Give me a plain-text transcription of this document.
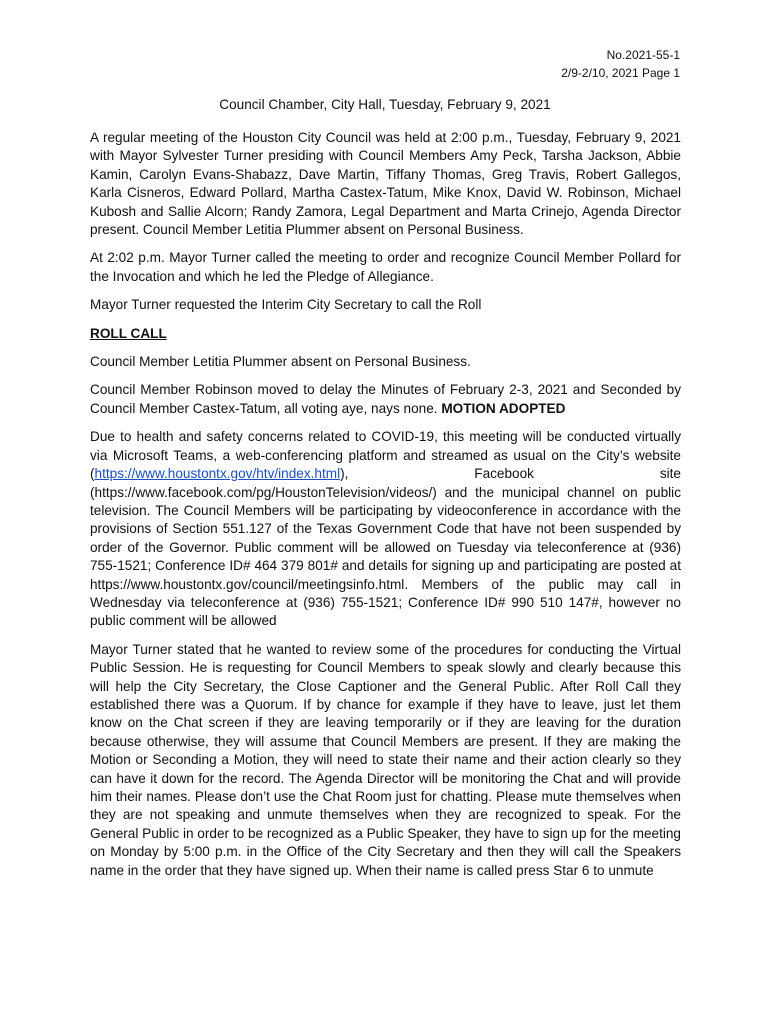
No.2021-55-1
2/9-2/10, 2021 Page 1
Council Chamber, City Hall, Tuesday, February 9, 2021

A regular meeting of the Houston City Council was held at 2:00 p.m., Tuesday, February 9, 2021 with Mayor Sylvester Turner presiding with Council Members Amy Peck, Tarsha Jackson, Abbie Kamin, Carolyn Evans-Shabazz, Dave Martin, Tiffany Thomas, Greg Travis, Robert Gallegos, Karla Cisneros, Edward Pollard, Martha Castex-Tatum, Mike Knox, David W. Robinson, Michael Kubosh and Sallie Alcorn; Randy Zamora, Legal Department and Marta Crinejo, Agenda Director present. Council Member Letitia Plummer absent on Personal Business.

At 2:02 p.m. Mayor Turner called the meeting to order and recognize Council Member Pollard for the Invocation and which he led the Pledge of Allegiance.

Mayor Turner requested the Interim City Secretary to call the Roll

ROLL CALL

Council Member Letitia Plummer absent on Personal Business.

Council Member Robinson moved to delay the Minutes of February 2-3, 2021 and Seconded by Council Member Castex-Tatum, all voting aye, nays none. MOTION ADOPTED

Due to health and safety concerns related to COVID-19, this meeting will be conducted virtually via Microsoft Teams, a web-conferencing platform and streamed as usual on the City’s website (https://www.houstontx.gov/htv/index.html), Facebook site (https://www.facebook.com/pg/HoustonTelevision/videos/) and the municipal channel on public television. The Council Members will be participating by videoconference in accordance with the provisions of Section 551.127 of the Texas Government Code that have not been suspended by order of the Governor. Public comment will be allowed on Tuesday via teleconference at (936) 755-1521; Conference ID# 464 379 801# and details for signing up and participating are posted at https://www.houstontx.gov/council/meetingsinfo.html. Members of the public may call in Wednesday via teleconference at (936) 755-1521; Conference ID# 990 510 147#, however no public comment will be allowed

Mayor Turner stated that he wanted to review some of the procedures for conducting the Virtual Public Session. He is requesting for Council Members to speak slowly and clearly because this will help the City Secretary, the Close Captioner and the General Public. After Roll Call they established there was a Quorum. If by chance for example if they have to leave, just let them know on the Chat screen if they are leaving temporarily or if they are leaving for the duration because otherwise, they will assume that Council Members are present. If they are making the Motion or Seconding a Motion, they will need to state their name and their action clearly so they can have it down for the record. The Agenda Director will be monitoring the Chat and will provide him their names. Please don’t use the Chat Room just for chatting. Please mute themselves when they are not speaking and unmute themselves when they are recognized to speak. For the General Public in order to be recognized as a Public Speaker, they have to sign up for the meeting on Monday by 5:00 p.m. in the Office of the City Secretary and then they will call the Speakers name in the order that they have signed up. When their name is called press Star 6 to unmute
